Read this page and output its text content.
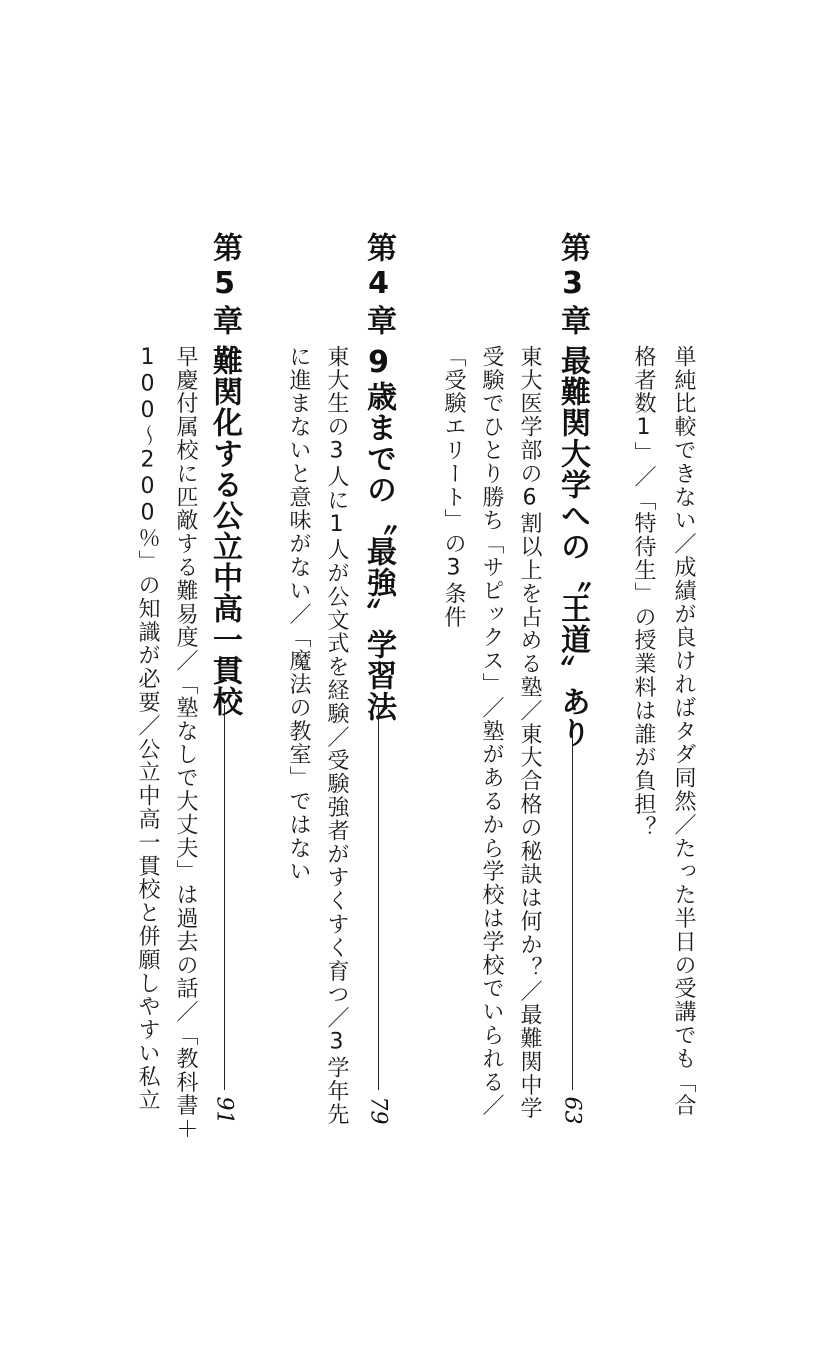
単純比較できない／成績が良ければタダ同然／たった半日の受講でも「合
格者数1」／「特待生」の授業料は誰が負担？
第3章
最難関大学への〝王道〟あり
63
東大医学部の6割以上を占める塾／東大合格の秘訣は何か？／最難関中学
受験でひとり勝ち「サピックス」／塾があるから学校は学校でいられる／
「受験エリート」の3条件
第4章
9歳までの〝最強〟学習法
79
東大生の3人に1人が公文式を経験／受験強者がすくすく育つ／3学年先
に進まないと意味がない／「魔法の教室」ではない
第5章
難関化する公立中高一貫校
91
早慶付属校に匹敵する難易度／「塾なしで大丈夫」は過去の話／「教科書＋
100～200％」の知識が必要／公立中高一貫校と併願しやすい私立
